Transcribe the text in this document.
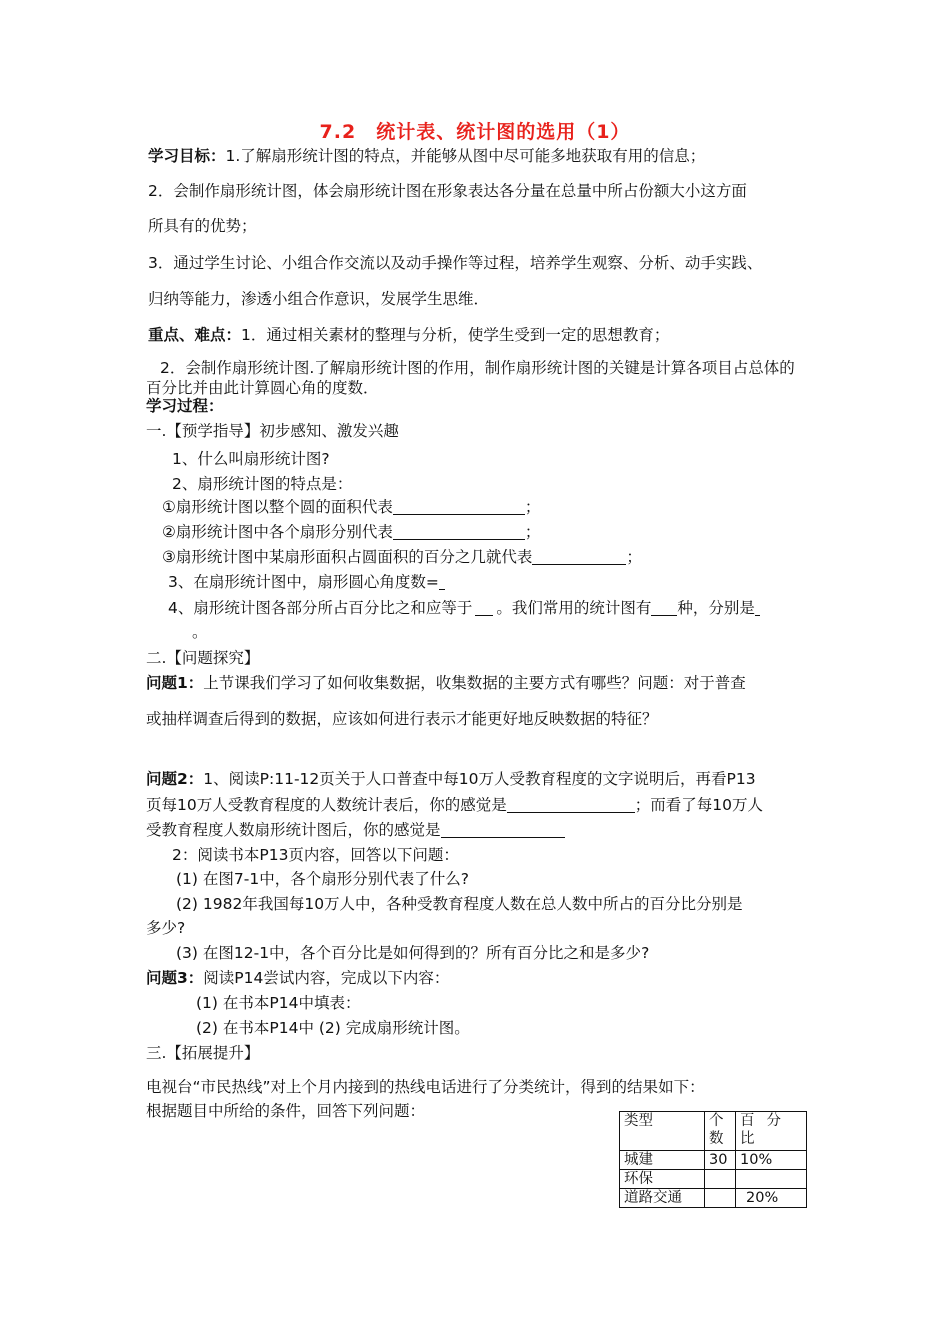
7.2　统计表、统计图的选用（1）
学习目标：1.了解扇形统计图的特点，并能够从图中尽可能多地获取有用的信息；
2．会制作扇形统计图，体会扇形统计图在形象表达各分量在总量中所占份额大小这方面
所具有的优势；
3．通过学生讨论、小组合作交流以及动手操作等过程，培养学生观察、分析、动手实践、
归纳等能力，渗透小组合作意识，发展学生思维．
重点、难点：1．通过相关素材的整理与分析，使学生受到一定的思想教育；
2．会制作扇形统计图.了解扇形统计图的作用，制作扇形统计图的关键是计算各项目占总体的百分比并由此计算圆心角的度数．
学习过程：
一.【预学指导】初步感知、激发兴趣
1、什么叫扇形统计图?
2、扇形统计图的特点是：
①扇形统计图以整个圆的面积代表	；
②扇形统计图中各个扇形分别代表	；
③扇形统计图中某扇形面积占圆面积的百分之几就代表	；
3、在扇形统计图中，扇形圆心角度数=
4、扇形统计图各部分所占百分比之和应等于 。我们常用的统计图有 种，分别是
。
二.【问题探究】
问题1：上节课我们学习了如何收集数据，收集数据的主要方式有哪些？问题：对于普查
或抽样调查后得到的数据，应该如何进行表示才能更好地反映数据的特征？
问题2：1、阅读P:11-12页关于人口普查中每10万人受教育程度的文字说明后，再看P13
页每10万人受教育程度的人数统计表后，你的感觉是	；而看了每10万人
受教育程度人数扇形统计图后，你的感觉是
2：阅读书本P13页内容，回答以下问题：
(1) 在图7-1中，各个扇形分别代表了什么?
(2) 1982年我国每10万人中，各种受教育程度人数在总人数中所占的百分比分别是
多少?
(3) 在图12-1中，各个百分比是如何得到的？所有百分比之和是多少?
问题3：阅读P14尝试内容，完成以下内容：
(1) 在书本P14中填表：
(2) 在书本P14中 (2) 完成扇形统计图。
三.【拓展提升】
电视台“市民热线”对上个月内接到的热线电话进行了分类统计，得到的结果如下：
根据题目中所给的条件，回答下列问题：
类型	个数	百分比
城建	30	10%
环保		
道路交通		20%
